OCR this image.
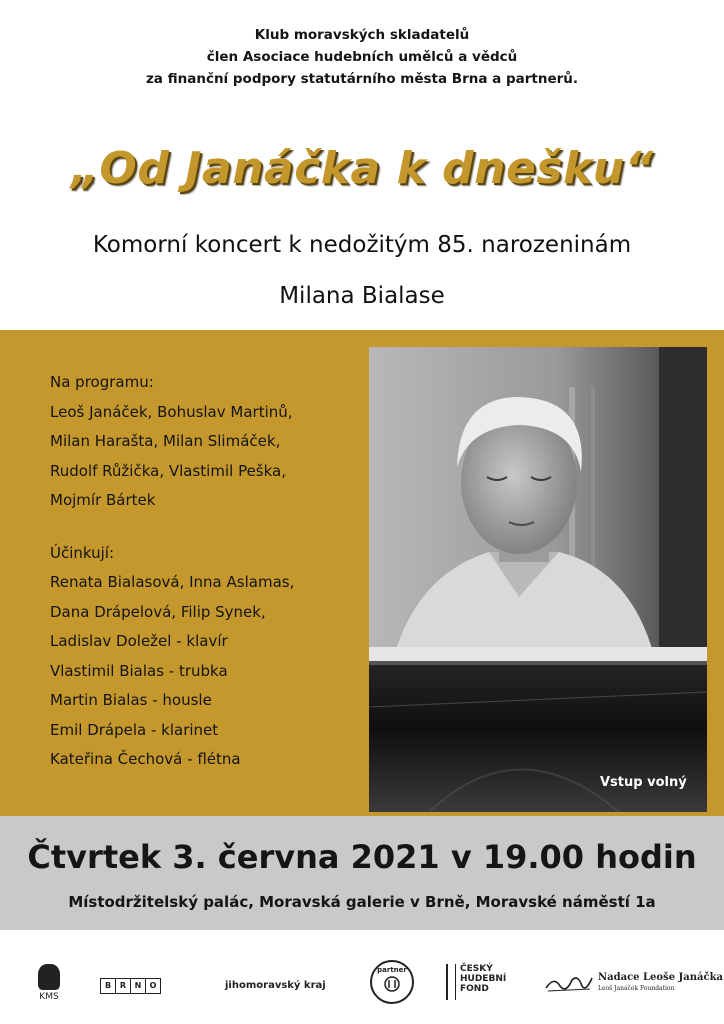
Klub moravských skladatelů
člen Asociace hudebních umělců a vědců
za finanční podpory statutárního města Brna a partnerů.
„Od Janáčka k dnešku“
Komorní koncert k nedožitým 85. narozeninám
Milana Bialase
Na programu:
Leoš Janáček, Bohuslav Martinů,
Milan Harašta, Milan Slimáček,
Rudolf Růžička, Vlastimil Peška,
Mojmír Bártek
Účinkují:
Renata Bialasová, Inna Aslamas,
Dana Drápelová, Filip Synek,
Ladislav Doležel - klavír
Vlastimil Bialas - trubka
Martin Bialas - housle
Emil Drápela - klarinet
Kateřina Čechová - flétna
Vstup volný
Čtvrtek 3. června 2021 v 19.00 hodin
Místodržitelský palác, Moravská galerie v Brně, Moravské náměstí 1a
KMS
B	R	N	O	jihomoravský kraj
partner	ČESKÝ
HUDEBNÍ
FOND
Nadace Leoše Janáčka
Leoš Janáček Foundation
